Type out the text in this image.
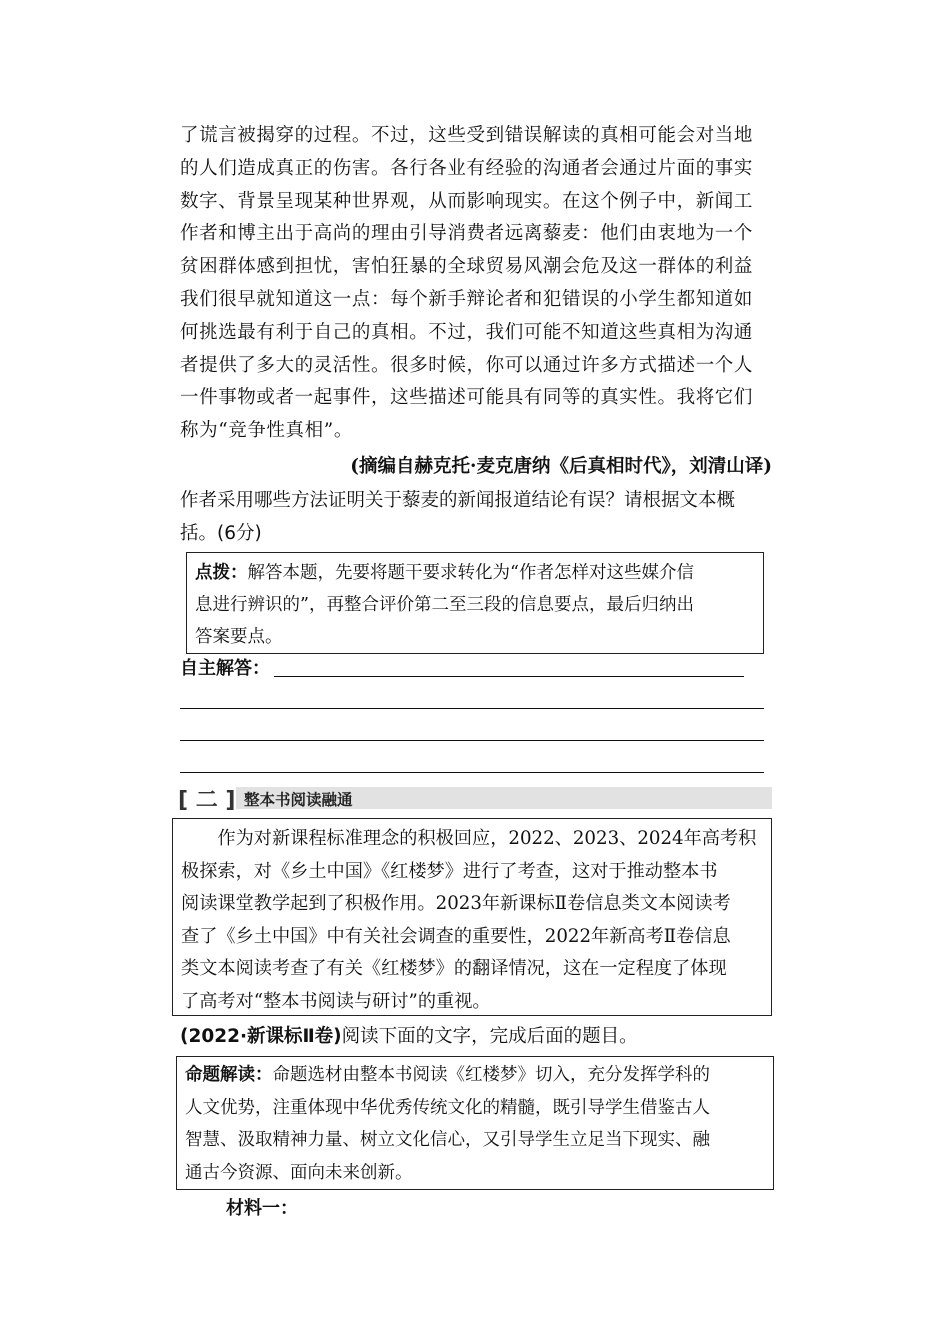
了谎言被揭穿的过程。不过，这些受到错误解读的真相可能会对当地
的人们造成真正的伤害。各行各业有经验的沟通者会通过片面的事实
数字、背景呈现某种世界观，从而影响现实。在这个例子中，新闻工
作者和博主出于高尚的理由引导消费者远离藜麦：他们由衷地为一个
贫困群体感到担忧，害怕狂暴的全球贸易风潮会危及这一群体的利益
我们很早就知道这一点：每个新手辩论者和犯错误的小学生都知道如
何挑选最有利于自己的真相。不过，我们可能不知道这些真相为沟通
者提供了多大的灵活性。很多时候，你可以通过许多方式描述一个人
一件事物或者一起事件，这些描述可能具有同等的真实性。我将它们
称为“竞争性真相”。
(摘编自赫克托·麦克唐纳《后真相时代》，刘清山译)
作者采用哪些方法证明关于藜麦的新闻报道结论有误？请根据文本概
括。(6分)
点拨：解答本题，先要将题干要求转化为“作者怎样对这些媒介信
息进行辨识的”，再整合评价第二至三段的信息要点，最后归纳出
答案要点。
自主解答：
[ 二 ] 整本书阅读融通
作为对新课程标准理念的积极回应，2022、2023、2024年高考积
极探索，对《乡土中国》《红楼梦》进行了考查，这对于推动整本书
阅读课堂教学起到了积极作用。2023年新课标Ⅱ卷信息类文本阅读考
查了《乡土中国》中有关社会调查的重要性，2022年新高考Ⅱ卷信息
类文本阅读考查了有关《红楼梦》的翻译情况，这在一定程度了体现
了高考对“整本书阅读与研讨”的重视。
(2022·新课标Ⅱ卷)阅读下面的文字，完成后面的题目。
命题解读：命题选材由整本书阅读《红楼梦》切入，充分发挥学科的
人文优势，注重体现中华优秀传统文化的精髓，既引导学生借鉴古人
智慧、汲取精神力量、树立文化信心，又引导学生立足当下现实、融
通古今资源、面向未来创新。
材料一：
